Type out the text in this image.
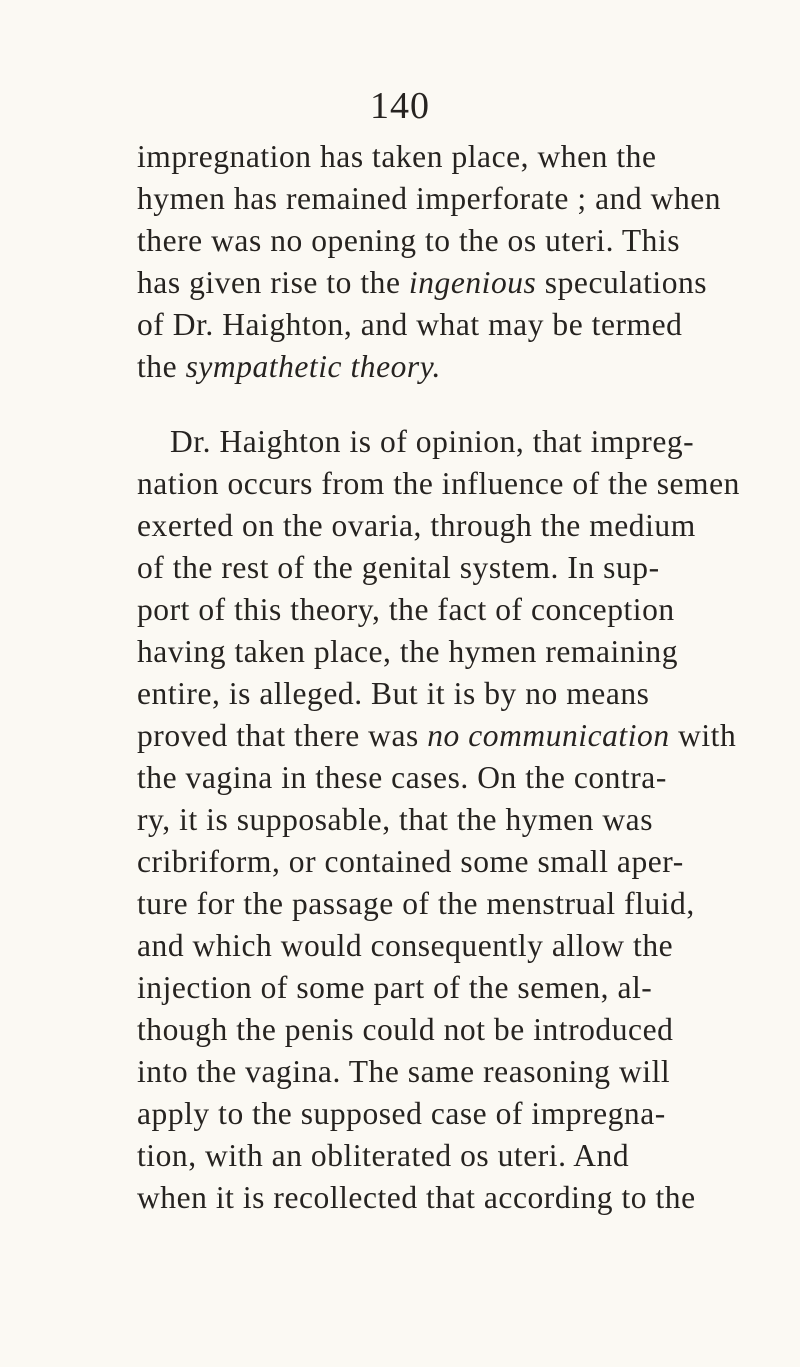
140
impregnation has taken place, when the
hymen has remained imperforate ; and when
there was no opening to the os uteri. This
has given rise to the ingenious speculations
of Dr. Haighton, and what may be termed
the sympathetic theory.
Dr. Haighton is of opinion, that impreg-
nation occurs from the influence of the semen
exerted on the ovaria, through the medium
of the rest of the genital system. In sup-
port of this theory, the fact of conception
having taken place, the hymen remaining
entire, is alleged. But it is by no means
proved that there was no communication with
the vagina in these cases. On the contra-
ry, it is supposable, that the hymen was
cribriform, or contained some small aper-
ture for the passage of the menstrual fluid,
and which would consequently allow the
injection of some part of the semen, al-
though the penis could not be introduced
into the vagina. The same reasoning will
apply to the supposed case of impregna-
tion, with an obliterated os uteri. And
when it is recollected that according to the
